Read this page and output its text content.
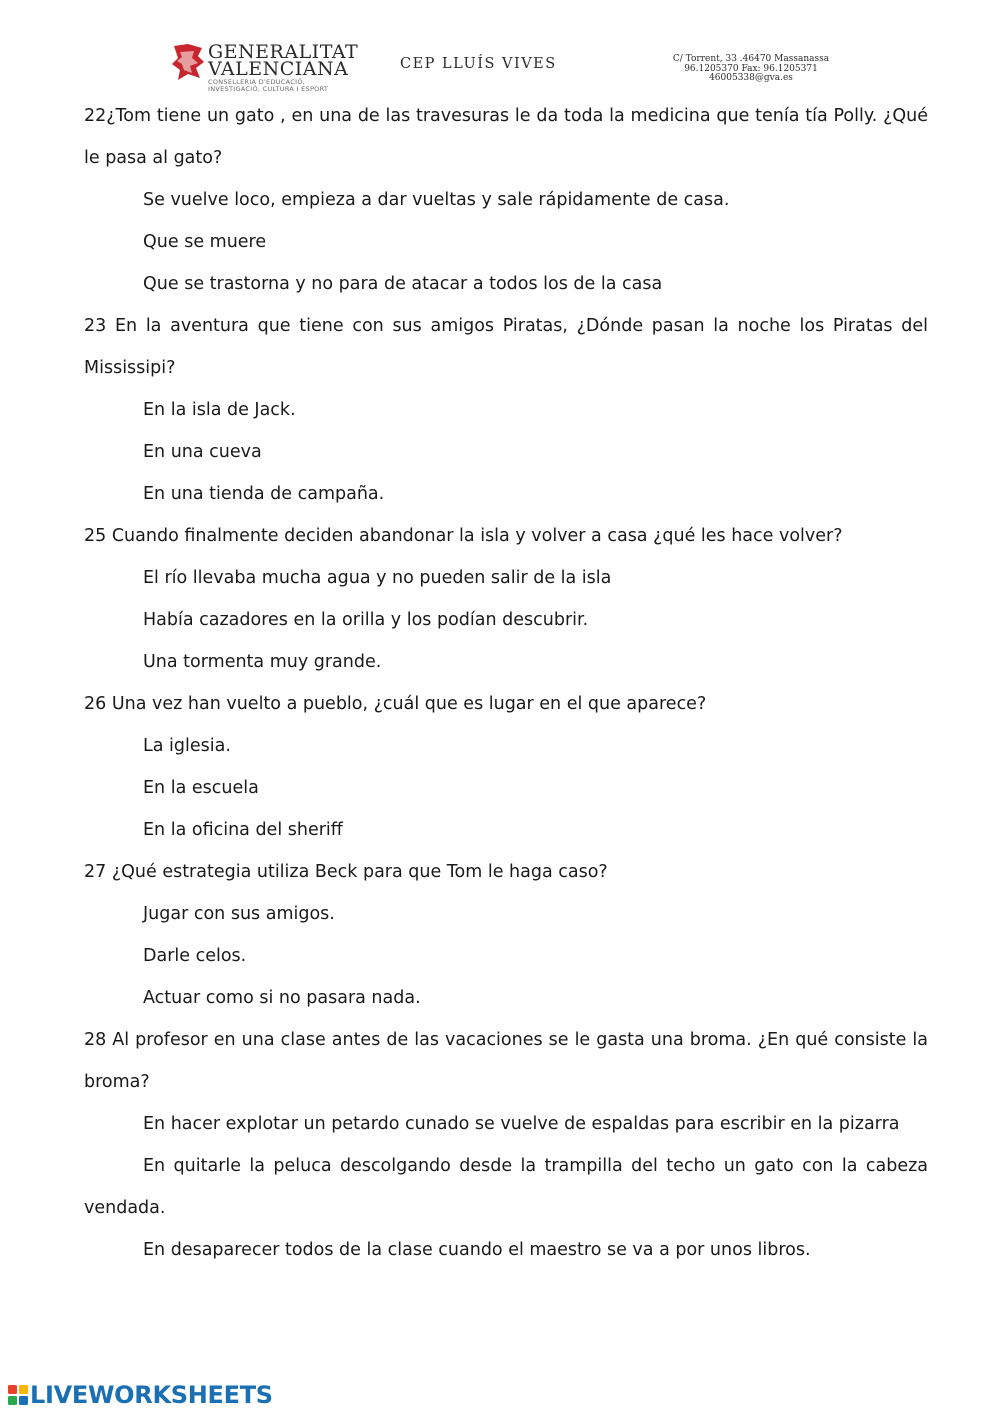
GENERALITAT
VALENCIANA
CONSELLERIA D'EDUCACIÓ,
INVESTIGACIÓ, CULTURA I ESPORT
CEP LLUÍS VIVES	C/ Torrent, 33 .46470 Massanassa
96.1205370 Fax: 96.1205371
46005338@gva.es

22¿Tom tiene un gato , en una de las travesuras le da toda la medicina que tenía tía Polly. ¿Qué le pasa al gato?

Se vuelve loco, empieza a dar vueltas y sale rápidamente de casa.

Que se muere

Que se trastorna y no para de atacar a todos los de la casa

23 En la aventura que tiene con sus amigos Piratas, ¿Dónde pasan la noche los Piratas del Mississipi?

En la isla de Jack.

En una cueva

En una tienda de campaña.

25 Cuando finalmente deciden abandonar la isla y volver a casa ¿qué les hace volver?

El río llevaba mucha agua y no pueden salir de la isla

Había cazadores en la orilla y los podían descubrir.

Una tormenta muy grande.

26 Una vez han vuelto a pueblo, ¿cuál que es lugar en el que aparece?

La iglesia.

En la escuela

En la oficina del sheriff

27 ¿Qué estrategia utiliza Beck para que Tom le haga caso?

Jugar con sus amigos.

Darle celos.

Actuar como si no pasara nada.

28 Al profesor en una clase antes de las vacaciones se le gasta una broma. ¿En qué consiste la broma?

En hacer explotar un petardo cunado se vuelve de espaldas para escribir en la pizarra

En quitarle la peluca descolgando desde la trampilla del techo un gato con la cabeza vendada.

En desaparecer todos de la clase cuando el maestro se va a por unos libros.

LIVEWORKSHEETS
